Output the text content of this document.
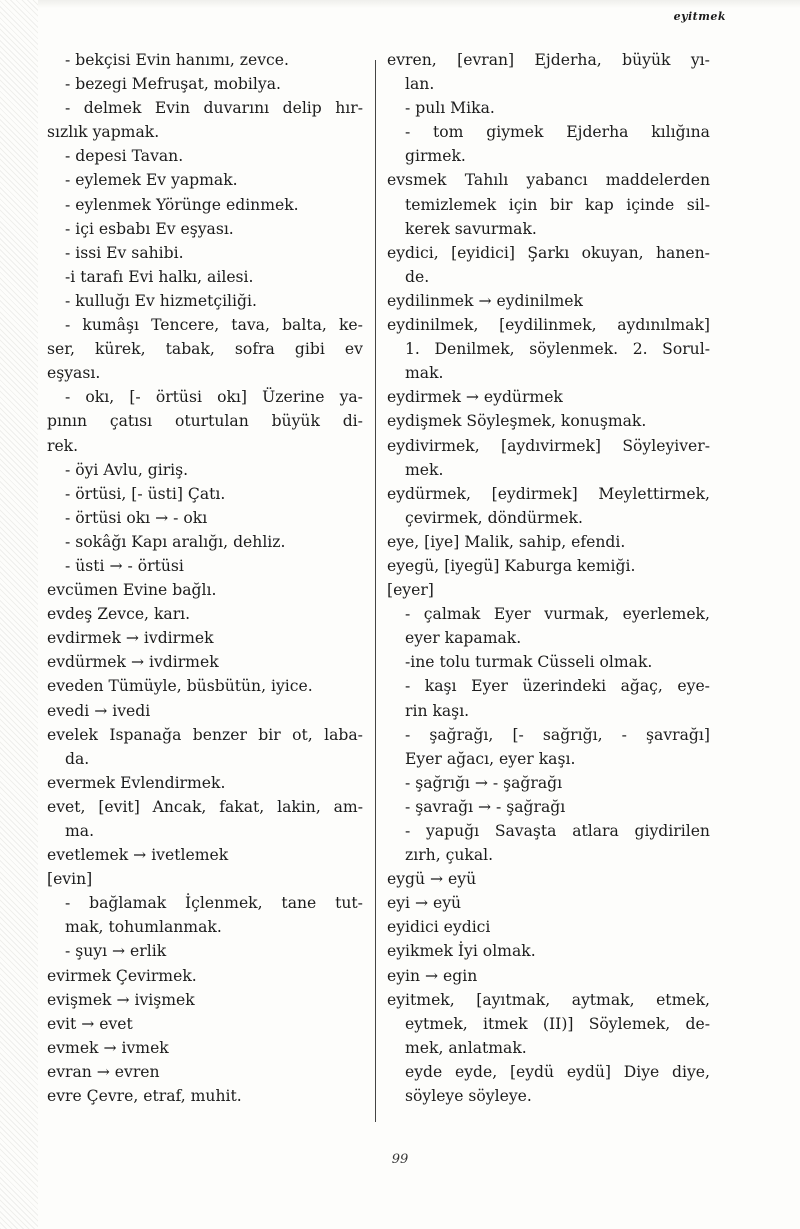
eyitmek
- bekçisi Evin hanımı, zevce.
- bezegi Mefruşat, mobilya.
- delmek Evin duvarını delip hır-
sızlık yapmak.
- depesi Tavan.
- eylemek Ev yapmak.
- eylenmek Yörünge edinmek.
- içi esbabı Ev eşyası.
- issi Ev sahibi.
-i tarafı Evi halkı, ailesi.
- kulluğı Ev hizmetçiliği.
- kumâşı Tencere, tava, balta, ke-
ser, kürek, tabak, sofra gibi ev
eşyası.
- okı, [- örtüsi okı] Üzerine ya-
pının çatısı oturtulan büyük di-
rek.
- öyi Avlu, giriş.
- örtüsi, [- üsti] Çatı.
- örtüsi okı → - okı
- sokâğı Kapı aralığı, dehliz.
- üsti → - örtüsi
evcümen Evine bağlı.
evdeş Zevce, karı.
evdirmek → ivdirmek
evdürmek → ivdirmek
eveden Tümüyle, büsbütün, iyice.
evedi → ivedi
evelek Ispanağa benzer bir ot, laba-
da.
evermek Evlendirmek.
evet, [evit] Ancak, fakat, lakin, am-
ma.
evetlemek → ivetlemek
[evin]
- bağlamak İçlenmek, tane tut-
mak, tohumlanmak.
- şuyı → erlik
evirmek Çevirmek.
evişmek → ivişmek
evit → evet
evmek → ivmek
evran → evren
evre Çevre, etraf, muhit.
evren, [evran] Ejderha, büyük yı-
lan.
- pulı Mika.
- tom giymek Ejderha kılığına
girmek.
evsmek Tahılı yabancı maddelerden
temizlemek için bir kap içinde sil-
kerek savurmak.
eydici, [eyidici] Şarkı okuyan, hanen-
de.
eydilinmek → eydinilmek
eydinilmek, [eydilinmek, aydınılmak]
1. Denilmek, söylenmek. 2. Sorul-
mak.
eydirmek → eydürmek
eydişmek Söyleşmek, konuşmak.
eydivirmek, [aydıvirmek] Söyleyiver-
mek.
eydürmek, [eydirmek] Meylettirmek,
çevirmek, döndürmek.
eye, [iye] Malik, sahip, efendi.
eyegü, [iyegü] Kaburga kemiği.
[eyer]
- çalmak Eyer vurmak, eyerlemek,
eyer kapamak.
-ine tolu turmak Cüsseli olmak.
- kaşı Eyer üzerindeki ağaç, eye-
rin kaşı.
- şağrağı, [- sağrığı, - şavrağı]
Eyer ağacı, eyer kaşı.
- şağrığı → - şağrağı
- şavrağı → - şağrağı
- yapuğı Savaşta atlara giydirilen
zırh, çukal.
eygü → eyü
eyi → eyü
eyidici eydici
eyikmek İyi olmak.
eyin → egin
eyitmek, [ayıtmak, aytmak, etmek,
eytmek, itmek (II)] Söylemek, de-
mek, anlatmak.
eyde eyde, [eydü eydü] Diye diye,
söyleye söyleye.
99
